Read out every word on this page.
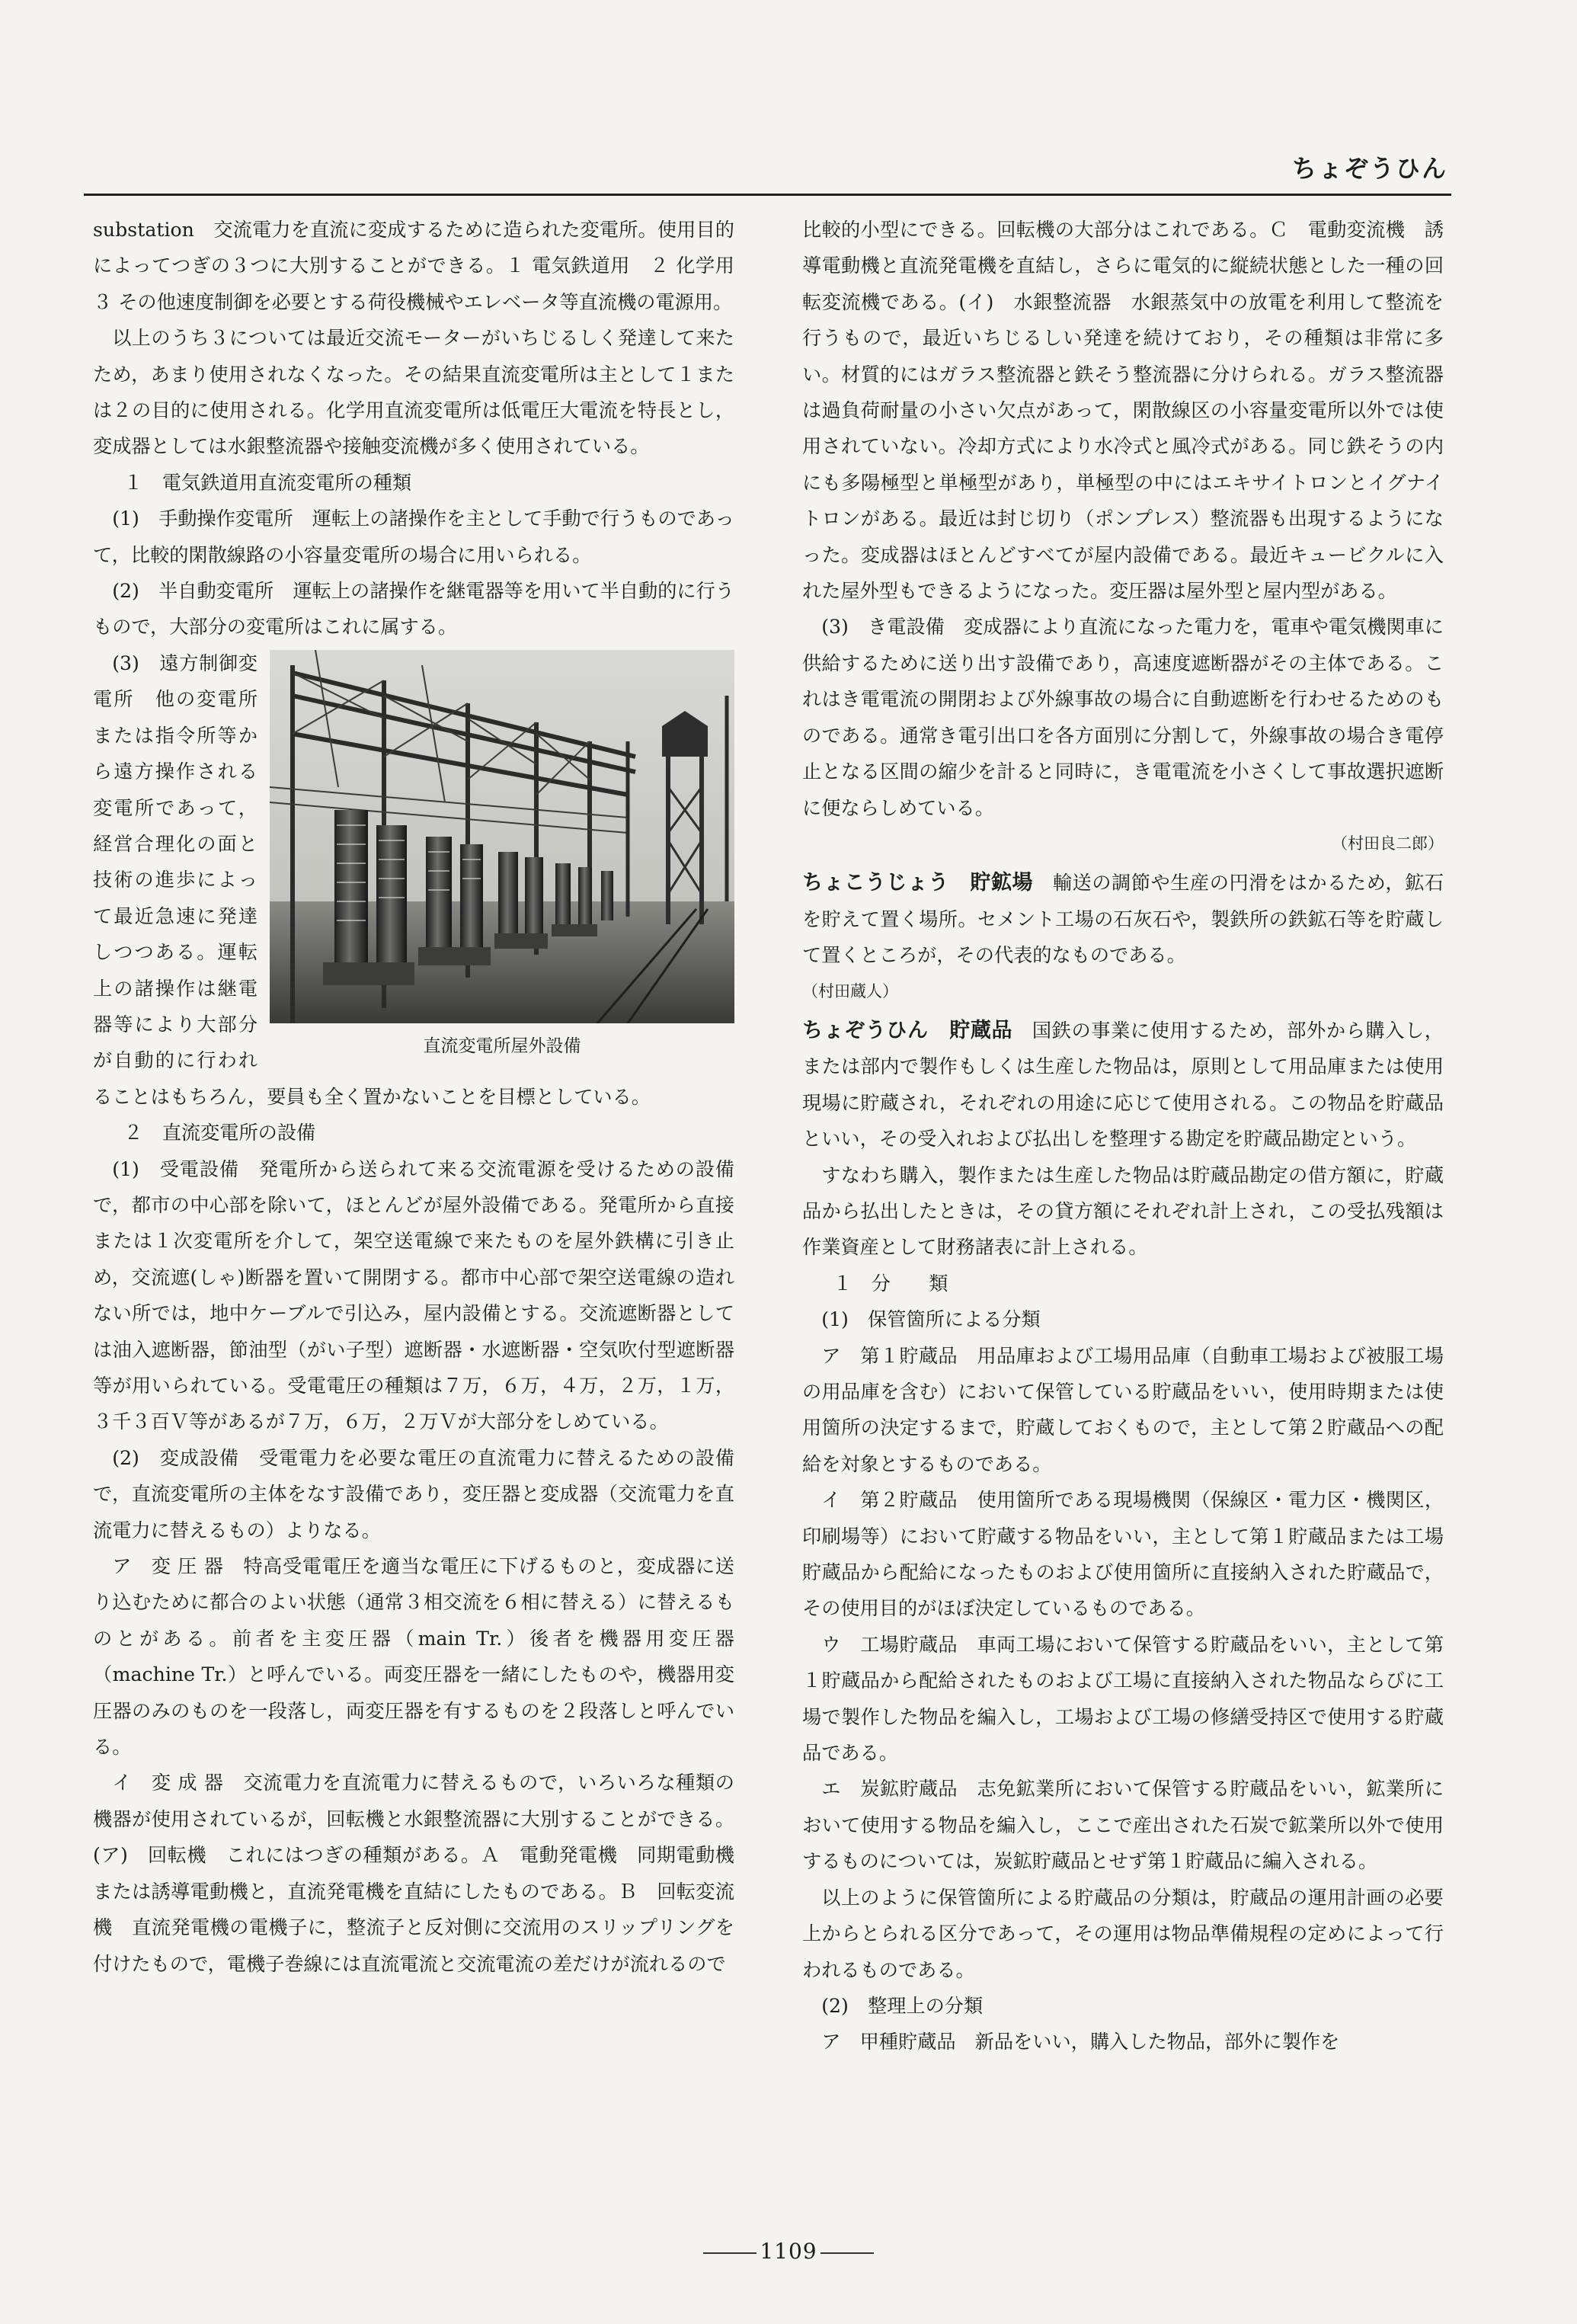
ちょぞうひん

substation　交流電力を直流に変成するために造られた変電所。使用目的によってつぎの３つに大別することができる。１ 電気鉄道用　２ 化学用　３ その他速度制御を必要とする荷役機械やエレベータ等直流機の電源用。

以上のうち３については最近交流モーターがいちじるしく発達して来たため，あまり使用されなくなった。その結果直流変電所は主として１または２の目的に使用される。化学用直流変電所は低電圧大電流を特長とし，変成器としては水銀整流器や接触変流機が多く使用されている。

１　電気鉄道用直流変電所の種類

(1)　手動操作変電所　運転上の諸操作を主として手動で行うものであって，比較的閑散線路の小容量変電所の場合に用いられる。

(2)　半自動変電所　運転上の諸操作を継電器等を用いて半自動的に行うもので，大部分の変電所はこれに属する。

直流変電所屋外設備

(3)　遠方制御変電所　他の変電所または指令所等から遠方操作される変電所であって，経営合理化の面と技術の進歩によって最近急速に発達しつつある。運転上の諸操作は継電器等により大部分が自動的に行われることはもちろん，要員も全く置かないことを目標としている。

２　直流変電所の設備

(1)　受電設備　発電所から送られて来る交流電源を受けるための設備で，都市の中心部を除いて，ほとんどが屋外設備である。発電所から直接または１次変電所を介して，架空送電線で来たものを屋外鉄構に引き止め，交流遮(しゃ)断器を置いて開閉する。都市中心部で架空送電線の造れない所では，地中ケーブルで引込み，屋内設備とする。交流遮断器としては油入遮断器，節油型（がい子型）遮断器・水遮断器・空気吹付型遮断器等が用いられている。受電電圧の種類は７万，６万，４万，２万，１万，３千３百Ｖ等があるが７万，６万，２万Ｖが大部分をしめている。

(2)　変成設備　受電電力を必要な電圧の直流電力に替えるための設備で，直流変電所の主体をなす設備であり，変圧器と変成器（交流電力を直流電力に替えるもの）よりなる。

ア　変 圧 器　特高受電電圧を適当な電圧に下げるものと，変成器に送り込むために都合のよい状態（通常３相交流を６相に替える）に替えるものとがある。前者を主変圧器（main Tr.）後者を機器用変圧器（machine Tr.）と呼んでいる。両変圧器を一緒にしたものや，機器用変圧器のみのものを一段落し，両変圧器を有するものを２段落しと呼んでいる。

イ　変 成 器　交流電力を直流電力に替えるもので，いろいろな種類の機器が使用されているが，回転機と水銀整流器に大別することができる。(ア)　回転機　これにはつぎの種類がある。Ａ　電動発電機　同期電動機または誘導電動機と，直流発電機を直結にしたものである。Ｂ　回転変流機　直流発電機の電機子に，整流子と反対側に交流用のスリップリングを付けたもので，電機子巻線には直流電流と交流電流の差だけが流れるので

比較的小型にできる。回転機の大部分はこれである。Ｃ　電動変流機　誘導電動機と直流発電機を直結し，さらに電気的に縦続状態とした一種の回転変流機である。(イ)　水銀整流器　水銀蒸気中の放電を利用して整流を行うもので，最近いちじるしい発達を続けており，その種類は非常に多い。材質的にはガラス整流器と鉄そう整流器に分けられる。ガラス整流器は過負荷耐量の小さい欠点があって，閑散線区の小容量変電所以外では使用されていない。冷却方式により水冷式と風冷式がある。同じ鉄そうの内にも多陽極型と単極型があり，単極型の中にはエキサイトロンとイグナイトロンがある。最近は封じ切り（ポンプレス）整流器も出現するようになった。変成器はほとんどすべてが屋内設備である。最近キュービクルに入れた屋外型もできるようになった。変圧器は屋外型と屋内型がある。

(3)　き電設備　変成器により直流になった電力を，電車や電気機関車に供給するために送り出す設備であり，高速度遮断器がその主体である。これはき電電流の開閉および外線事故の場合に自動遮断を行わせるためのものである。通常き電引出口を各方面別に分割して，外線事故の場合き電停止となる区間の縮少を計ると同時に，き電電流を小さくして事故選択遮断に便ならしめている。

（村田良二郎）

ちょこうじょう　貯鉱場　 輸送の調節や生産の円滑をはかるため，鉱石を貯えて置く場所。セメント工場の石灰石や，製鉄所の鉄鉱石等を貯蔵して置くところが，その代表的なものである。

（村田蔵人）

ちょぞうひん　貯蔵品　 国鉄の事業に使用するため，部外から購入し，または部内で製作もしくは生産した物品は，原則として用品庫または使用現場に貯蔵され，それぞれの用途に応じて使用される。この物品を貯蔵品といい，その受入れおよび払出しを整理する勘定を貯蔵品勘定という。

すなわち購入，製作または生産した物品は貯蔵品勘定の借方額に，貯蔵品から払出したときは，その貸方額にそれぞれ計上され，この受払残額は作業資産として財務諸表に計上される。

１　分　　類

(1)　保管箇所による分類

ア　第１貯蔵品　用品庫および工場用品庫（自動車工場および被服工場の用品庫を含む）において保管している貯蔵品をいい，使用時期または使用箇所の決定するまで，貯蔵しておくもので，主として第２貯蔵品への配給を対象とするものである。

イ　第２貯蔵品　使用箇所である現場機関（保線区・電力区・機関区，印刷場等）において貯蔵する物品をいい，主として第１貯蔵品または工場貯蔵品から配給になったものおよび使用箇所に直接納入された貯蔵品で，その使用目的がほぼ決定しているものである。

ウ　工場貯蔵品　車両工場において保管する貯蔵品をいい，主として第１貯蔵品から配給されたものおよび工場に直接納入された物品ならびに工場で製作した物品を編入し，工場および工場の修繕受持区で使用する貯蔵品である。

エ　炭鉱貯蔵品　志免鉱業所において保管する貯蔵品をいい，鉱業所において使用する物品を編入し，ここで産出された石炭で鉱業所以外で使用するものについては，炭鉱貯蔵品とせず第１貯蔵品に編入される。

以上のように保管箇所による貯蔵品の分類は，貯蔵品の運用計画の必要上からとられる区分であって，その運用は物品準備規程の定めによって行われるものである。

(2)　整理上の分類

ア　甲種貯蔵品　新品をいい，購入した物品，部外に製作を

1109
